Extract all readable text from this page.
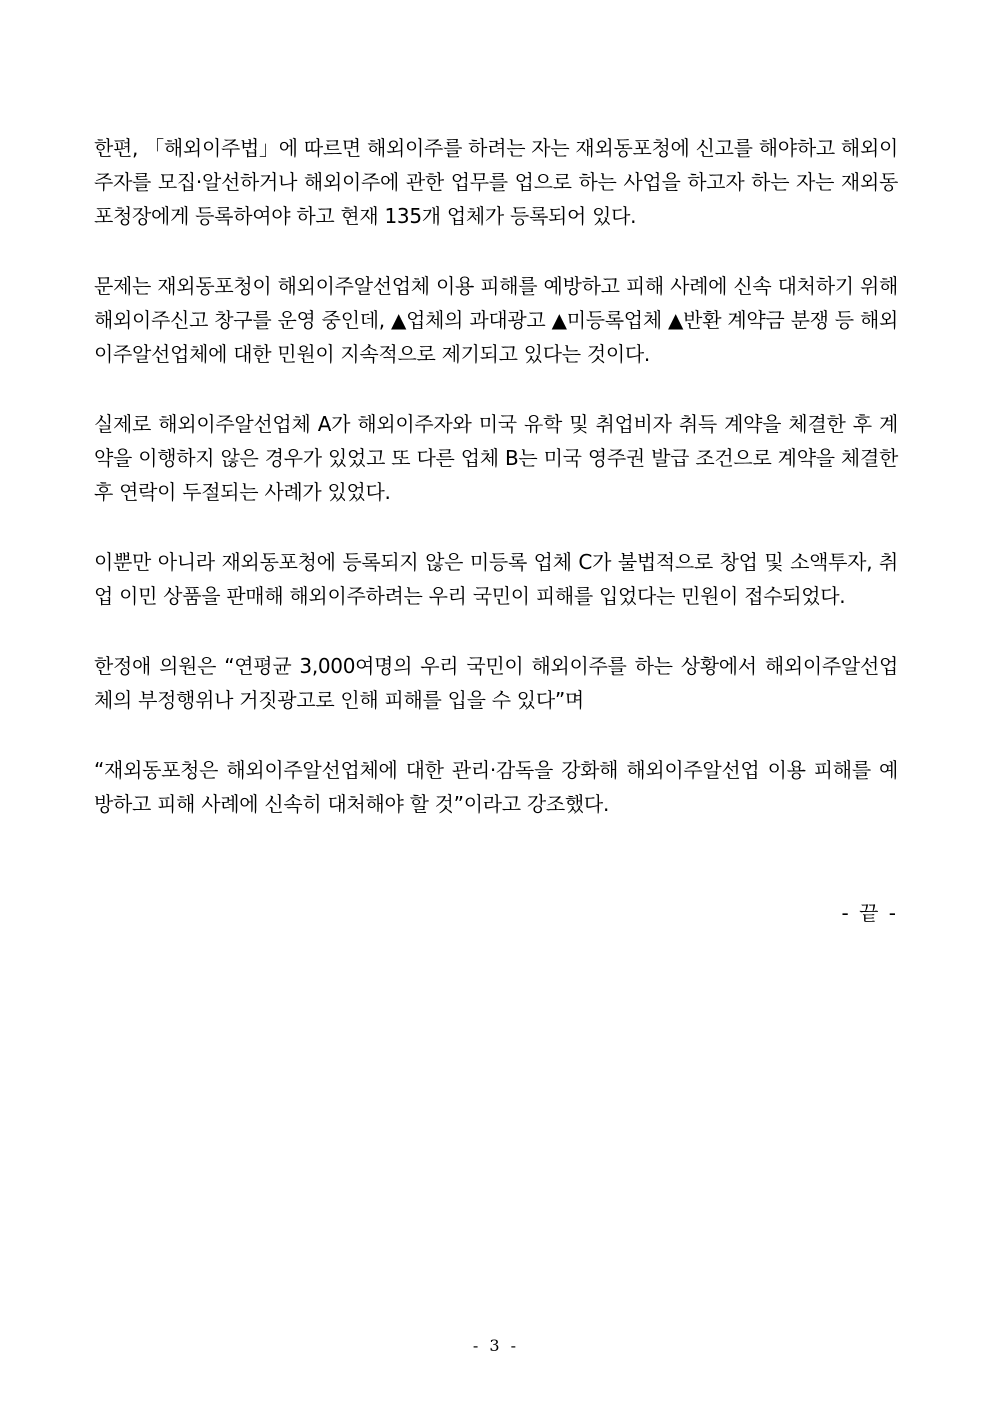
한편, 「해외이주법」에 따르면 해외이주를 하려는 자는 재외동포청에 신고를 해야하고 해외이주자를 모집·알선하거나 해외이주에 관한 업무를 업으로 하는 사업을 하고자 하는 자는 재외동포청장에게 등록하여야 하고 현재 135개 업체가 등록되어 있다.

문제는 재외동포청이 해외이주알선업체 이용 피해를 예방하고 피해 사례에 신속 대처하기 위해 해외이주신고 창구를 운영 중인데, ▲업체의 과대광고 ▲미등록업체 ▲반환 계약금 분쟁 등 해외이주알선업체에 대한 민원이 지속적으로 제기되고 있다는 것이다.

실제로 해외이주알선업체 A가 해외이주자와 미국 유학 및 취업비자 취득 계약을 체결한 후 계약을 이행하지 않은 경우가 있었고 또 다른 업체 B는 미국 영주권 발급 조건으로 계약을 체결한 후 연락이 두절되는 사례가 있었다.

이뿐만 아니라 재외동포청에 등록되지 않은 미등록 업체 C가 불법적으로 창업 및 소액투자, 취업 이민 상품을 판매해 해외이주하려는 우리 국민이 피해를 입었다는 민원이 접수되었다.

한정애 의원은 “연평균 3,000여명의 우리 국민이 해외이주를 하는 상황에서 해외이주알선업체의 부정행위나 거짓광고로 인해 피해를 입을 수 있다”며

“재외동포청은 해외이주알선업체에 대한 관리·감독을 강화해 해외이주알선업 이용 피해를 예방하고 피해 사례에 신속히 대처해야 할 것”이라고 강조했다.

- 끝 -
- 3 -
